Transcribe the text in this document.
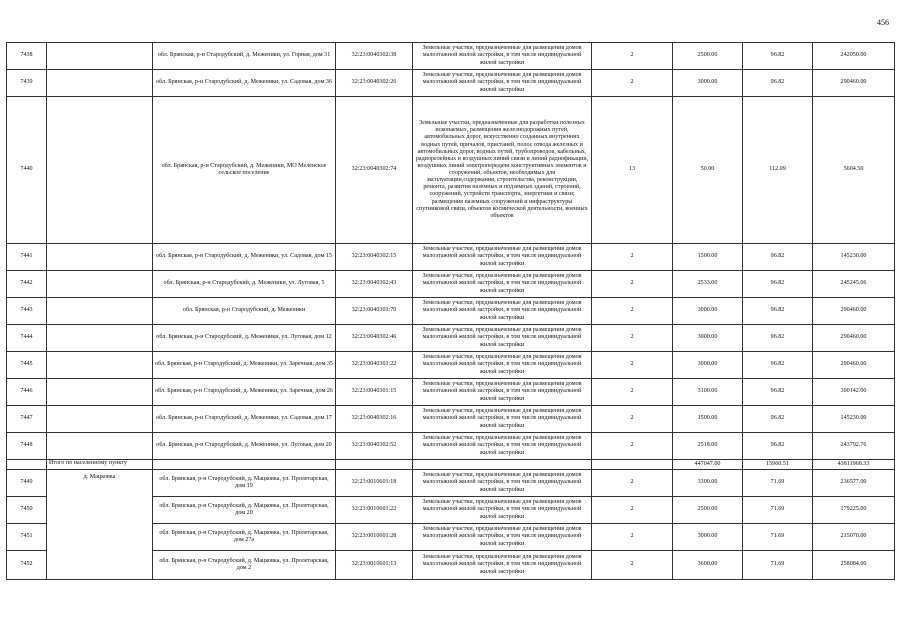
456
7438		обл. Брянская, р-н Стародубский, д. Меженики, ул. Горная, дом 31	32:23:0040302:38	Земельные участки, предназначенные для размещения домов малоэтажной жилой застройки, в том числе индивидуальной жилой застройки	2	2500.00	96.82	242050.00
7439		обл. Брянская, р-н Стародубский, д. Меженики, ул. Садовая, дом 36	32:23:0040302:26	Земельные участки, предназначенные для размещения домов малоэтажной жилой застройки, в том числе индивидуальной жилой застройки	2	3000.00	96.82	290460.00
7440		обл. Брянская, р-н Стародубский, д. Меженики, МО Меленское сельское поселение	32:23:0040302:74	Земельные участки, предназначенные для разработки полезных ископаемых, размещения железнодорожных путей, автомобильных дорог, искусственно созданных внутренних водных путей, причалов, пристаней, полос отвода железных и автомобильных дорог, водных путей, трубопроводов, кабельных, радиорелейных и воздушных линий связи и линий радиофикации, воздушных линий электропередачи конструктивных элементов и сооружений, объектов, необходимых для эксплуатации,содержания, строительства, реконструкции, ремонта, развития наземных и подземных зданий, строений, сооружений, устройств транспорта, энергетики и связи; размещения наземных сооружений и инфраструктуры спутниковой связи, объектов космической деятельности, военных объектов	13	50.00	112.09	5604.50
7441		обл. Брянская, р-н Стародубский, д. Меженики, ул. Садовая, дом 15	32:23:0040302:15	Земельные участки, предназначенные для размещения домов малоэтажной жилой застройки, в том числе индивидуальной жилой застройки	2	1500.00	96.82	145230.00
7442		обл. Брянская, р-н Стародубский, д. Меженики, ул. Луговая, 5	32:23:0040302:43	Земельные участки, предназначенные для размещения домов малоэтажной жилой застройки, в том числе индивидуальной жилой застройки	2	2533.00	96.82	245245.06
7443		обл. Брянская, р-н Стародубский, д. Меженики	32:23:0040301:70	Земельные участки, предназначенные для размещения домов малоэтажной жилой застройки, в том числе индивидуальной жилой застройки	2	3000.00	96.82	290460.00
7444		обл. Брянская, р-н Стародубский, д. Меженики, ул. Луговая, дом 12	32:23:0040302:46	Земельные участки, предназначенные для размещения домов малоэтажной жилой застройки, в том числе индивидуальной жилой застройки	2	3000.00	96.82	290460.00
7445		обл. Брянская, р-н Стародубский, д. Меженики, ул. Заречная, дом 35	32:23:0040301:22	Земельные участки, предназначенные для размещения домов малоэтажной жилой застройки, в том числе индивидуальной жилой застройки	2	3000.00	96.82	290460.00
7446		обл. Брянская, р-н Стародубский, д. Меженики, ул. Заречная, дом 26	32:23:0040301:15	Земельные участки, предназначенные для размещения домов малоэтажной жилой застройки, в том числе индивидуальной жилой застройки	2	3100.00	96.82	300142.00
7447		обл. Брянская, р-н Стародубский, д. Меженики, ул. Садовая, дом 17	32:23:0040302:16	Земельные участки, предназначенные для размещения домов малоэтажной жилой застройки, в том числе индивидуальной жилой застройки	2	1500.00	96.82	145230.00
7448		обл. Брянская, р-н Стародубский, д. Меженики, ул. Луговая, дом 20	32:23:0040302:52	Земельные участки, предназначенные для размещения домов малоэтажной жилой застройки, в том числе индивидуальной жилой застройки	2	2518.00	96.82	243792.76
	Итого по населенному пункту					447047.00	15960.51	43811968.33
7449	д. Мацковка	обл. Брянская, р-н Стародубский, д. Мацковка, ул. Пролетарская, дом 19	32:23:0010601:18	Земельные участки, предназначенные для размещения домов малоэтажной жилой застройки, в том числе индивидуальной жилой застройки	2	3300.00	71.69	236577.00
7450		обл. Брянская, р-н Стародубский, д. Мацковка, ул. Пролетарская, дом 20	32:23:0010601:22	Земельные участки, предназначенные для размещения домов малоэтажной жилой застройки, в том числе индивидуальной жилой застройки	2	2500.00	71.69	179225.00
7451		обл. Брянская, р-н Стародубский, д. Мацковка, ул. Пролетарская, дом 27а	32:23:0010601:28	Земельные участки, предназначенные для размещения домов малоэтажной жилой застройки, в том числе индивидуальной жилой застройки	2	3000.00	71.69	215070.00
7452		обл. Брянская, р-н Стародубский, д. Мацковка, ул. Пролетарская, дом 2	32:23:0010601:13	Земельные участки, предназначенные для размещения домов малоэтажной жилой застройки, в том числе индивидуальной жилой застройки	2	3600.00	71.69	258084.00
